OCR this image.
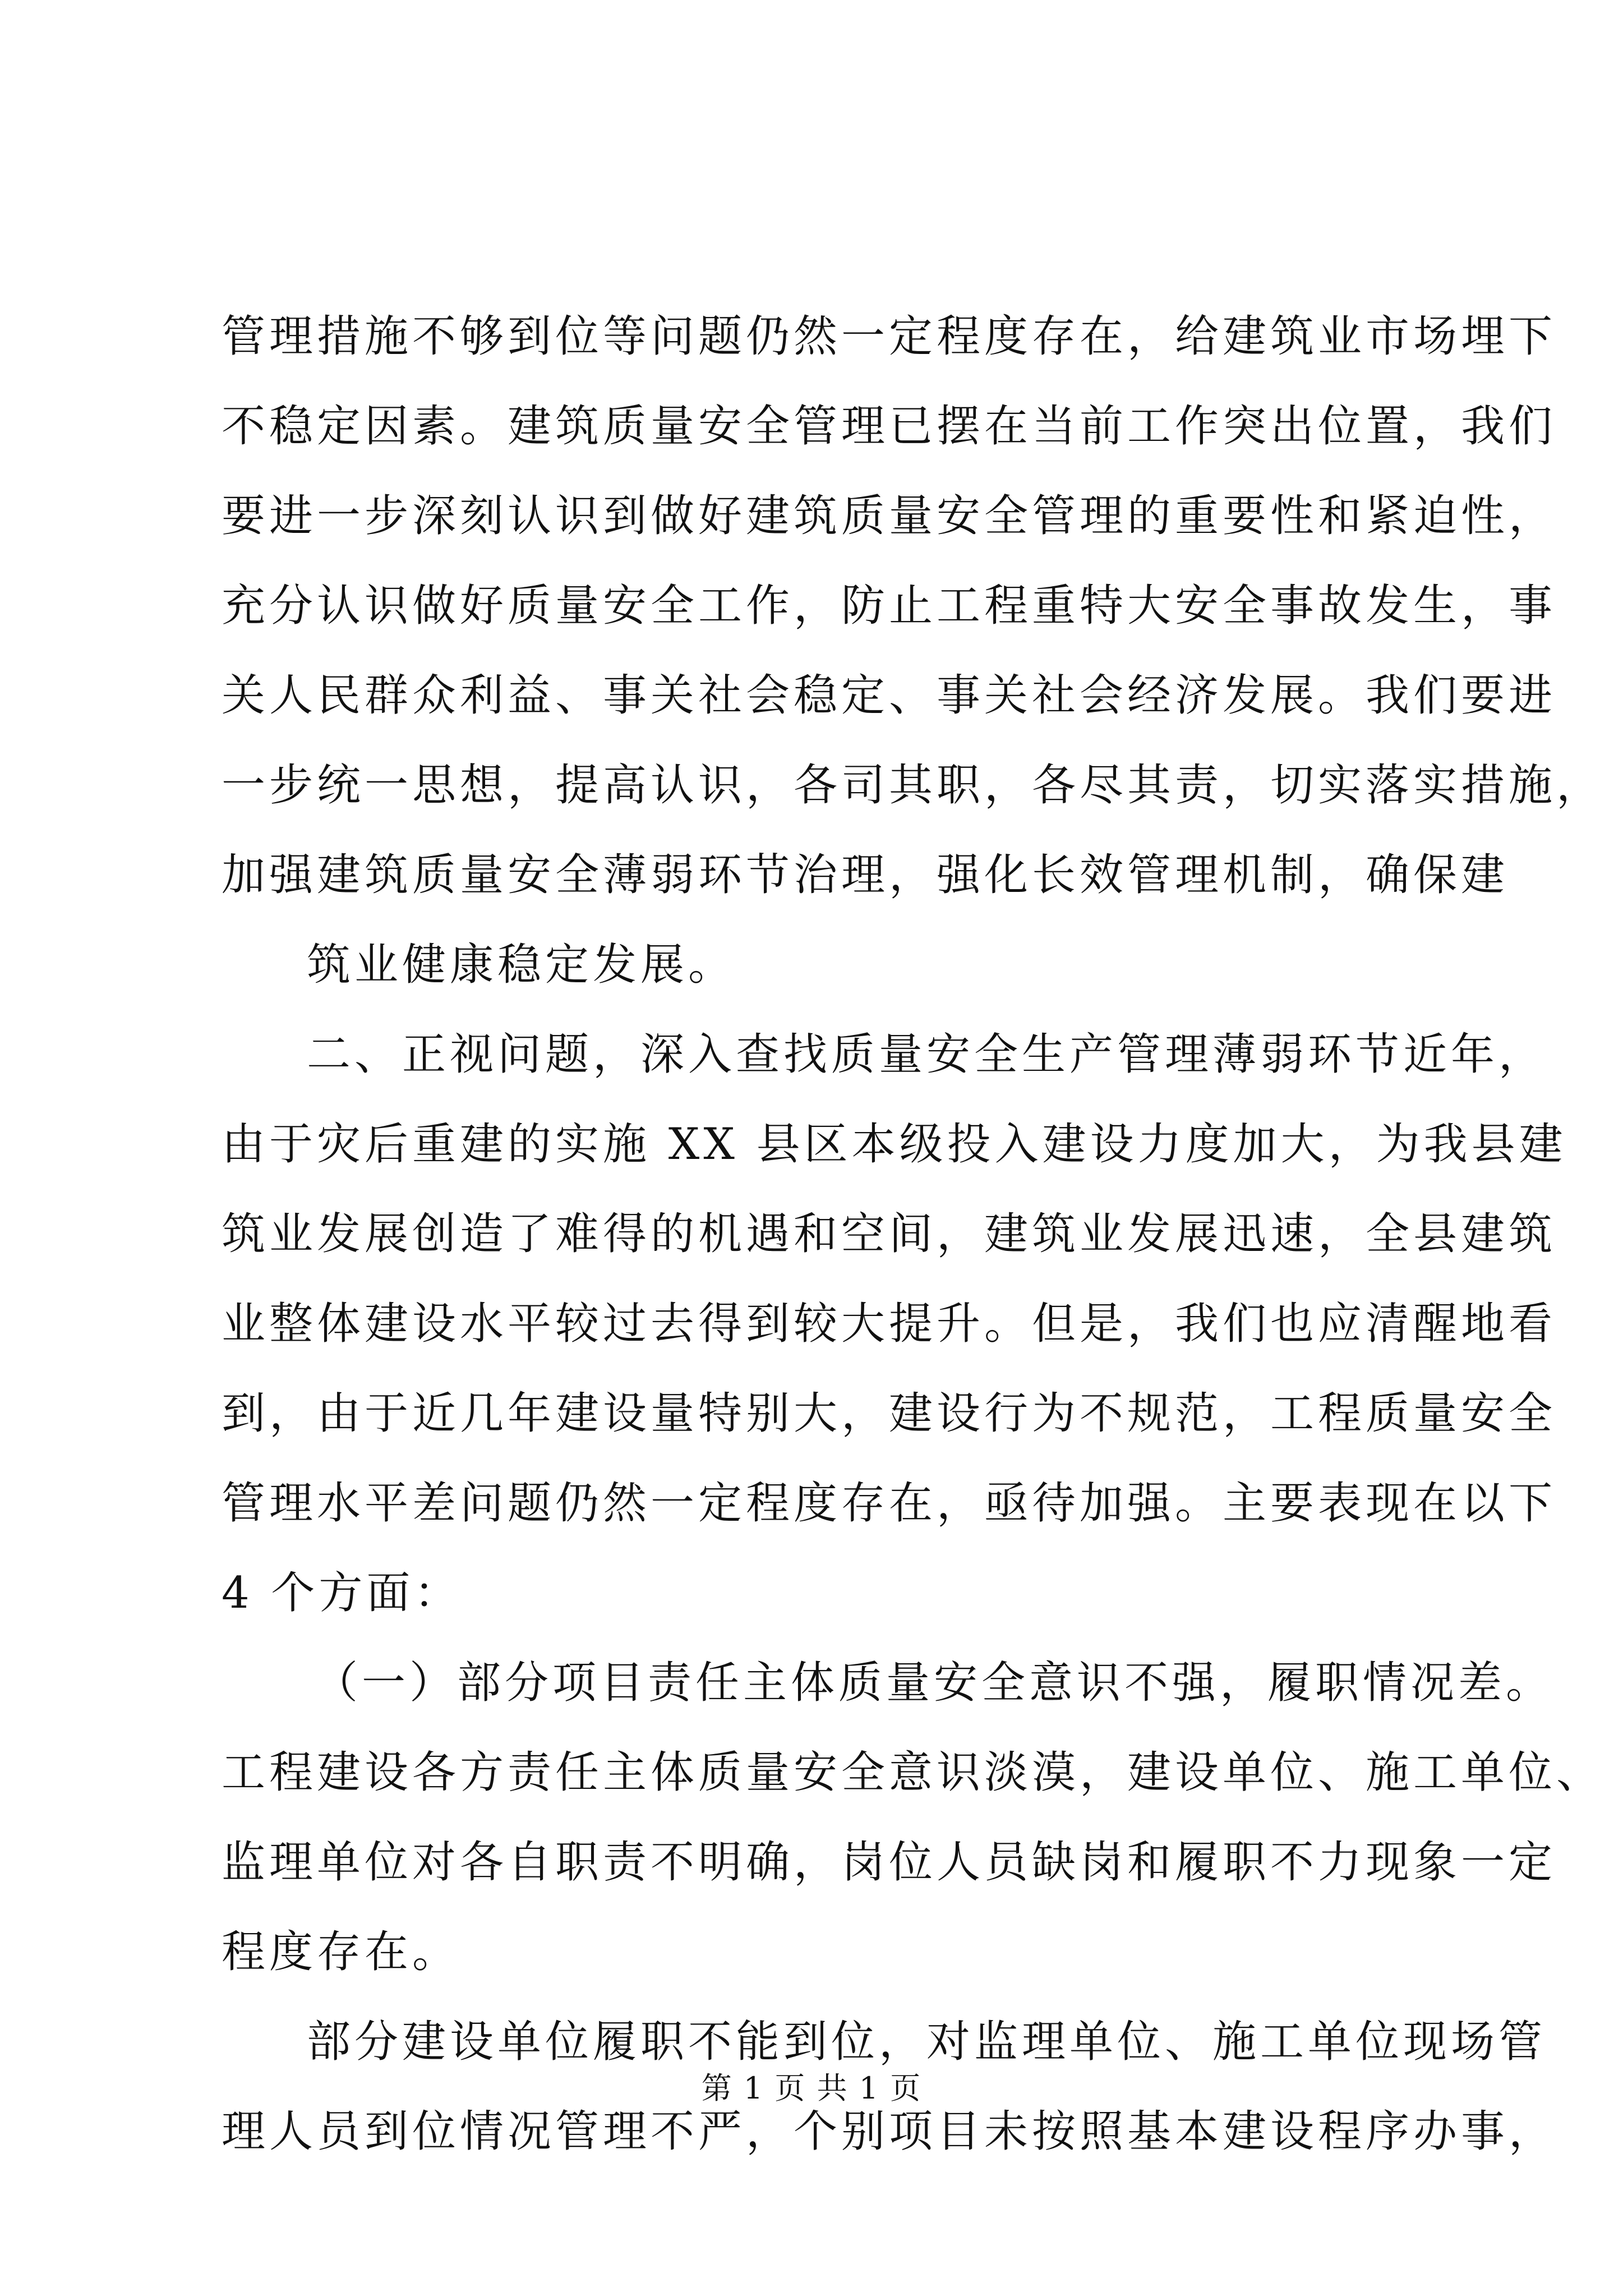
管理措施不够到位等问题仍然一定程度存在，给建筑业市场埋下
不稳定因素。建筑质量安全管理已摆在当前工作突出位置，我们
要进一步深刻认识到做好建筑质量安全管理的重要性和紧迫性，
充分认识做好质量安全工作，防止工程重特大安全事故发生，事
关人民群众利益、事关社会稳定、事关社会经济发展。我们要进
一步统一思想，提高认识，各司其职，各尽其责，切实落实措施，
加强建筑质量安全薄弱环节治理，强化长效管理机制，确保建
筑业健康稳定发展。
二、正视问题，深入查找质量安全生产管理薄弱环节近年，
由于灾后重建的实施 XX 县区本级投入建设力度加大，为我县建
筑业发展创造了难得的机遇和空间，建筑业发展迅速，全县建筑
业整体建设水平较过去得到较大提升。但是，我们也应清醒地看
到，由于近几年建设量特别大，建设行为不规范，工程质量安全
管理水平差问题仍然一定程度存在，亟待加强。主要表现在以下
4 个方面：
（一）部分项目责任主体质量安全意识不强，履职情况差。
工程建设各方责任主体质量安全意识淡漠，建设单位、施工单位、
监理单位对各自职责不明确，岗位人员缺岗和履职不力现象一定
程度存在。
部分建设单位履职不能到位，对监理单位、施工单位现场管
理人员到位情况管理不严，个别项目未按照基本建设程序办事，
第 1 页 共 1 页
